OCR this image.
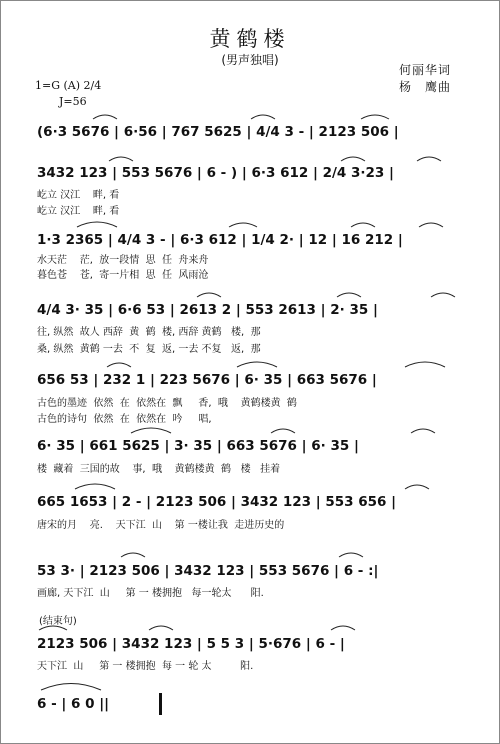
黄鹤楼
(男声独唱)
何丽华词
杨　鹰曲
1=G (A) 2/4
J=56
(6·3 5676 | 6·56 | 767 5625 | 4/4 3 - | 2123 506 |
3432 123 | 553 5676 | 6 - ) | 6·3 612 | 2/4 3·23 |
屹立 汉江    畔, 看
屹立 汉江    畔, 看
1·3 2365 | 4/4 3 - | 6·3 612 | 1/4 2· | 12 | 16 212 |
水天茫    茫,  放一段情  思  任  舟来舟
暮色苍    苍,  寄一片相  思  任  风雨沧
4/4 3· 35 | 6·6 53 | 2613 2 | 553 2613 | 2· 35 |
往, 纵然  故人 西辞  黄  鹤  楼, 西辞 黄鹤   楼,  那
桑, 纵然  黄鹤 一去  不  复  返, 一去 不复   返,  那
656 53 | 232 1 | 223 5676 | 6· 35 | 663 5676 |
古色的墨迹  依然  在  依然在  飘     香,  哦    黄鹤楼黄  鹤
古色的诗句  依然  在  依然在  吟     唱,
6· 35 | 661 5625 | 3· 35 | 663 5676 | 6· 35 |
楼  藏着  三国的故    事,  哦    黄鹤楼黄  鹤   楼   挂着
665 1653 | 2 - | 2123 506 | 3432 123 | 553 656 |
唐宋的月    亮.    天下江  山    第 一楼让我  走进历史的
53 3· | 2123 506 | 3432 123 | 553 5676 | 6 - :|
画廊, 天下江  山     第 一 楼拥抱   每一轮太      阳.
(结束句)
2123 506 | 3432 123 | 5 5 3 | 5·676 | 6 - |
天下江  山     第 一 楼拥抱  每 一 轮 太         阳.
6 - | 6 0 ||
